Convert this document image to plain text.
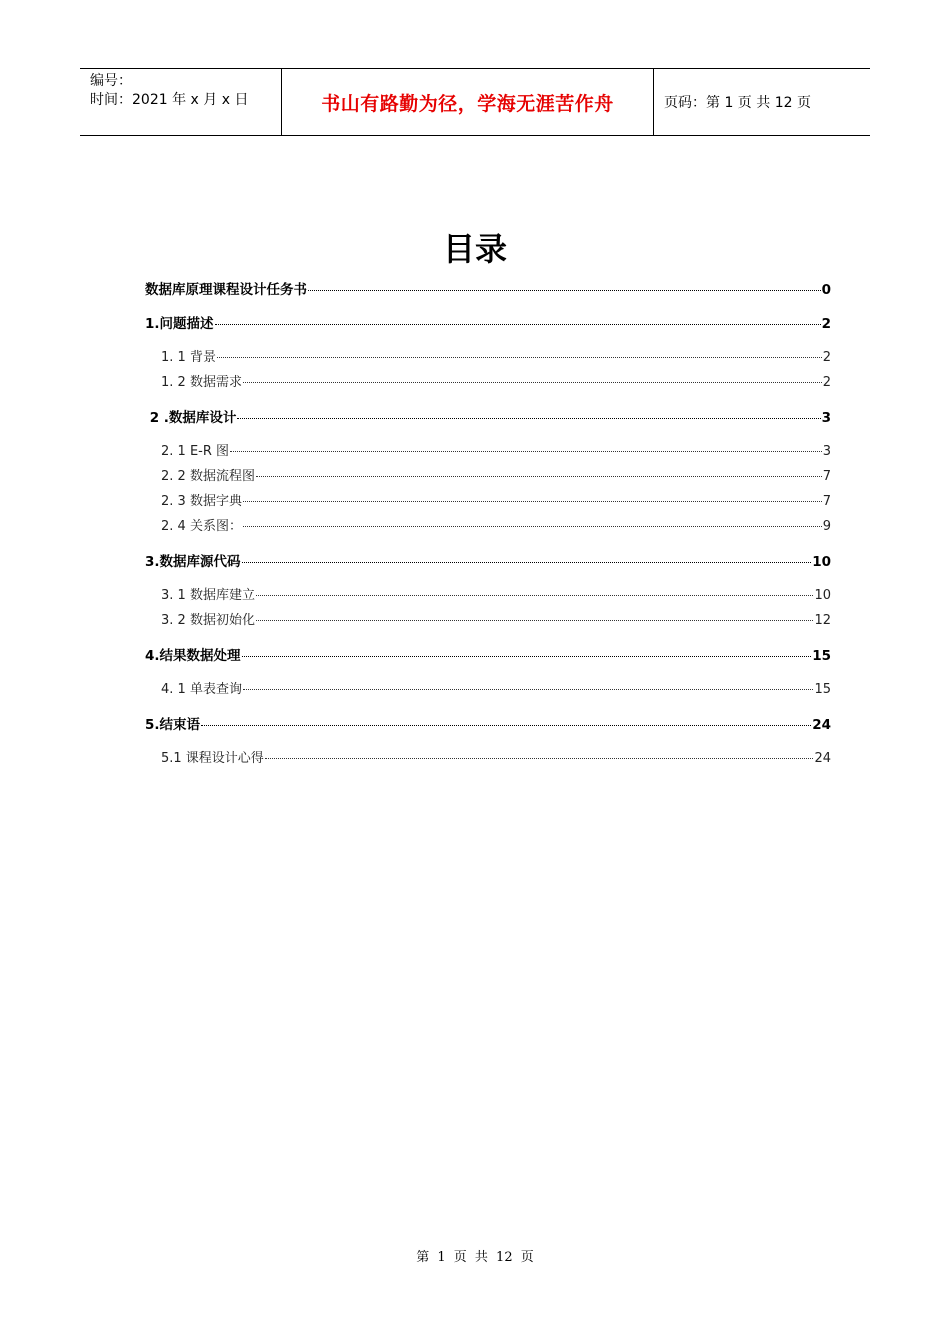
编号：
时间：2021 年 x 月 x 日	书山有路勤为径，学海无涯苦作舟	页码：第 1 页 共 12 页
目录
数据库原理课程设计任务书	0
1.问题描述	2
1. 1 背景	2
1. 2 数据需求	2
2 .数据库设计	3
2. 1 E-R 图	3
2. 2 数据流程图	7
2. 3 数据字典	7
2. 4 关系图：	9
3.数据库源代码	10
3. 1 数据库建立	10
3. 2 数据初始化	12
4.结果数据处理	15
4. 1 单表查询	15
5.结束语	24
5.1 课程设计心得	24
第 1 页 共 12 页
